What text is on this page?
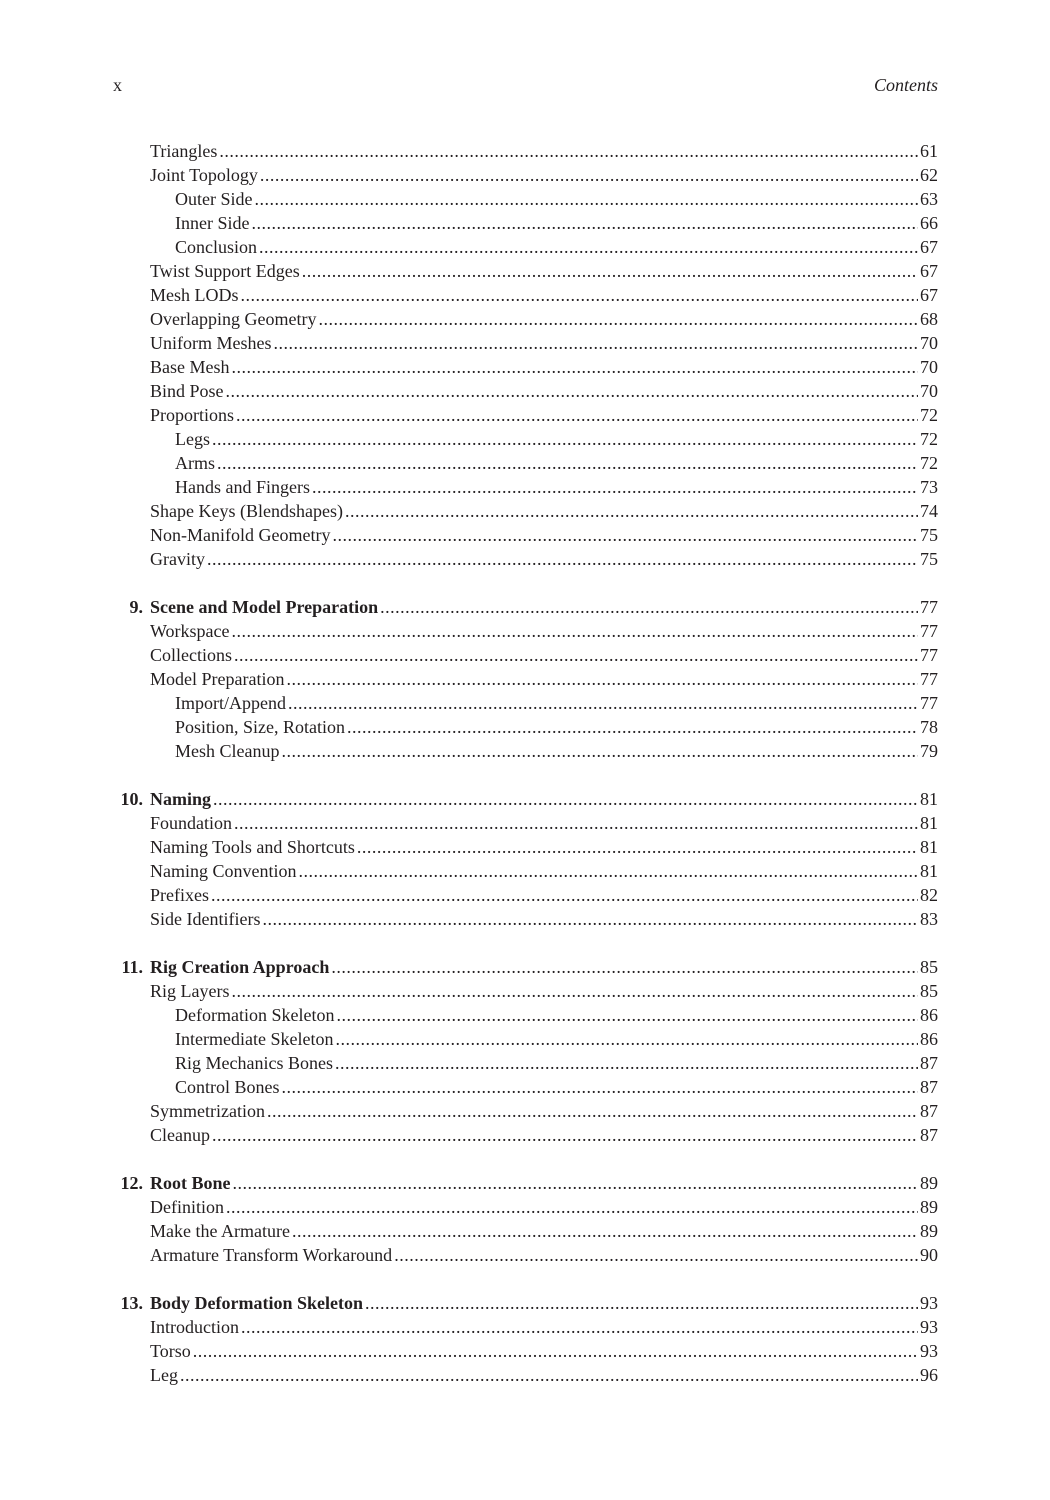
x	Contents
Triangles .....	61
Joint Topology .....	62
Outer Side .....	63
Inner Side .....	66
Conclusion .....	67
Twist Support Edges .....	67
Mesh LODs .....	67
Overlapping Geometry .....	68
Uniform Meshes .....	70
Base Mesh .....	70
Bind Pose .....	70
Proportions .....	72
Legs .....	72
Arms .....	72
Hands and Fingers .....	73
Shape Keys (Blendshapes) .....	74
Non-Manifold Geometry .....	75
Gravity .....	75
9. Scene and Model Preparation .....	77
Workspace .....	77
Collections .....	77
Model Preparation .....	77
Import/Append .....	77
Position, Size, Rotation .....	78
Mesh Cleanup .....	79
10. Naming .....	81
Foundation .....	81
Naming Tools and Shortcuts .....	81
Naming Convention .....	81
Prefixes .....	82
Side Identifiers .....	83
11. Rig Creation Approach .....	85
Rig Layers .....	85
Deformation Skeleton .....	86
Intermediate Skeleton .....	86
Rig Mechanics Bones .....	87
Control Bones .....	87
Symmetrization .....	87
Cleanup .....	87
12. Root Bone .....	89
Definition .....	89
Make the Armature .....	89
Armature Transform Workaround .....	90
13. Body Deformation Skeleton .....	93
Introduction .....	93
Torso .....	93
Leg .....	96
